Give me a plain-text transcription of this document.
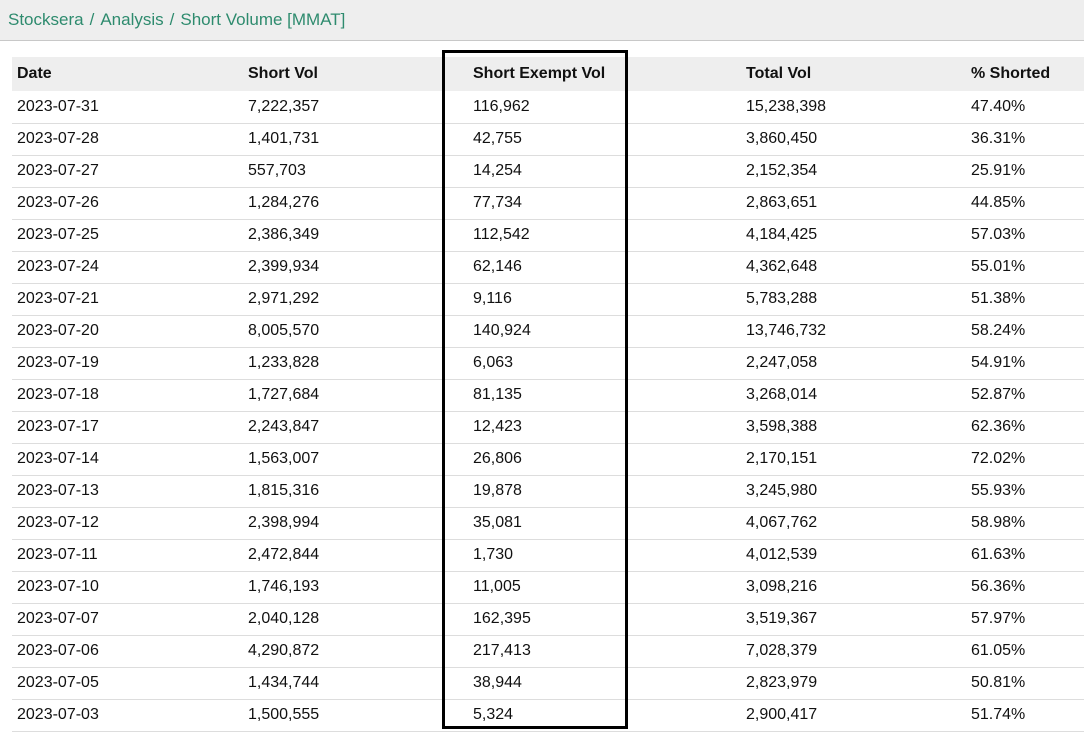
Stocksera / Analysis / Short Volume [MMAT]
Date	Short Vol	Short Exempt Vol	Total Vol	% Shorted
2023-07-31	7,222,357	116,962	15,238,398	47.40%
2023-07-28	1,401,731	42,755	3,860,450	36.31%
2023-07-27	557,703	14,254	2,152,354	25.91%
2023-07-26	1,284,276	77,734	2,863,651	44.85%
2023-07-25	2,386,349	112,542	4,184,425	57.03%
2023-07-24	2,399,934	62,146	4,362,648	55.01%
2023-07-21	2,971,292	9,116	5,783,288	51.38%
2023-07-20	8,005,570	140,924	13,746,732	58.24%
2023-07-19	1,233,828	6,063	2,247,058	54.91%
2023-07-18	1,727,684	81,135	3,268,014	52.87%
2023-07-17	2,243,847	12,423	3,598,388	62.36%
2023-07-14	1,563,007	26,806	2,170,151	72.02%
2023-07-13	1,815,316	19,878	3,245,980	55.93%
2023-07-12	2,398,994	35,081	4,067,762	58.98%
2023-07-11	2,472,844	1,730	4,012,539	61.63%
2023-07-10	1,746,193	11,005	3,098,216	56.36%
2023-07-07	2,040,128	162,395	3,519,367	57.97%
2023-07-06	4,290,872	217,413	7,028,379	61.05%
2023-07-05	1,434,744	38,944	2,823,979	50.81%
2023-07-03	1,500,555	5,324	2,900,417	51.74%
